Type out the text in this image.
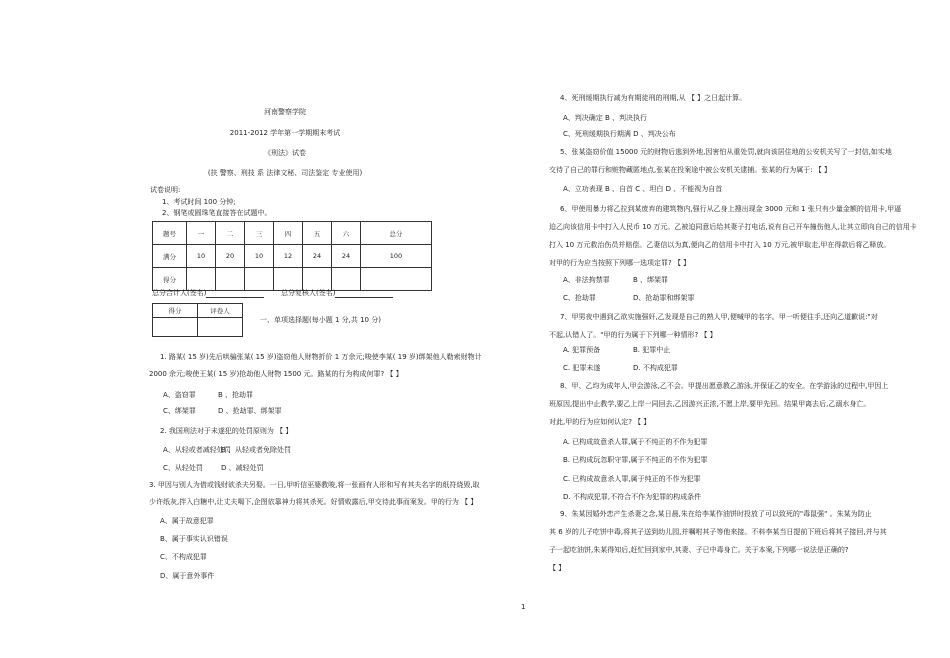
河南警察学院
2011-2012 学年第一学期期末考试
《刑法》试卷
(扶 警察、刑技 系 法律文秘、司法鉴定 专业使用)
试卷说明:
1、考试时间 100 分钟;
2、钢笔或圆珠笔直接答在试题中。
题号	一	二	三	四	五	六	总分
满分	10	20	10	12	24	24	100
得分							
总分合计人(签名)	总分复核人(签名)
得分	评卷人

一、单项选择题(每小题 1 分,共 10 分)
1. 路某( 15 岁)先后哄骗张某( 15 岁)盗窃他人财物折价 1 万余元;唆使李某( 19 岁)绑架他人勒索财物计
2000 余元;唆使王某( 15 岁)抢劫他人财物 1500 元。路某的行为构成何罪? 【 】
A、盗窃罪	B 、抢劫罪
C、绑架罪	D 、抢劫罪、绑架罪
2. 我国刑法对于未遂犯的处罚原则为 【 】
A、从轻或者减轻处罚
B 、从轻或者免除处罚
C、从轻处罚	D 、减轻处罚
3. 甲因与别人为借或钱财欲杀夫另娶。一日,甲听信巫婆教唆,将一张画有人形和写有其夫名字的纸符烧毁,取
少许纸灰,拌入白糖中,让丈夫喝下,企图依靠神力将其杀死。好情败露后,甲交待此事而案发。甲的行为 【 】
A、属于故意犯罪
B、属于事实认识错误
C、不构成犯罪
D、属于意外事件
4、死刑缓期执行减为有期徒刑的刑期,从 【 】之日起计算。
A、判决确定 B 、判决执行
C、死刑缓期执行期满 D 、判决公布
5、张某盗窃价值 15000 元的财物后逃到外地,因害怕从重处罚,就向该居住地的公安机关写了一封信,如实地
交待了自己的罪行和赃物藏匿地点,张某在投案途中被公安机关逮捕。张某的行为属于: 【 】
A、立功表现 B 、自首 C 、坦白 D 、不能视为自首
6、甲使用暴力将乙拉到某废弃的建筑物内,强行从乙身上搜出现金 3000 元和 1 张只有少量金额的信用卡,甲逼
迫乙向该信用卡中打入人民币 10 万元。乙被迫同意后给其妻子打电话,说有自己开车撞伤他人,让其立即向自己的信用卡
打入 10 万元救治伤员并赔偿。乙妻信以为真,便向乙的信用卡中打入 10 万元,被甲取走,甲在得款后将乙释放。
对甲的行为应当按照下列哪一选项定罪? 【 】
A、非法拘禁罪	B 、绑架罪
C、抢劫罪	D、抢劫罪和绑架罪
7、甲男夜中遇到乙欲实施强奸,乙发现是自己的熟人甲,便喊甲的名字。甲一听便往手,还向乙道歉说:"对
不起,认错人了。"甲的行为属于下列哪一种情形? 【 】
A. 犯罪预备	B. 犯罪中止
C. 犯罪未遂	D. 不构成犯罪
8、甲、乙均为成年人,甲会游泳,乙不会。甲提出愿意教乙游泳,并保证乙的安全。在学游泳的过程中,甲因上
班原因,提出中止教学,要乙上岸一同回去,乙因游兴正浓,不愿上岸,要甲先回。结果甲离去后,乙溺水身亡。
对此,甲的行为应如何认定? 【 】
A. 已构成故意杀人罪,属于不纯正的不作为犯罪
B. 已构成玩忽职守罪,属于不纯正的不作为犯罪
C. 已构成故意杀人罪,属于纯正的不作为犯罪
D. 不构成犯罪,不符合不作为犯罪的构成条件
9、朱某因婚外恋产生杀妻之念,某日晨,朱在给李某作油饼时投放了可以致死的"毒鼠强" 。朱某为防止
其 6 岁的儿子吃饼中毒,将其子送到幼儿园,并嘱咐其子等他来接。不料李某当日提前下班后将其子接回,并与其
子一起吃油饼,朱某得知后,赶忙回到家中,其妻、子已中毒身亡。关于本案,下列哪一说法是正确的?
【 】
1
